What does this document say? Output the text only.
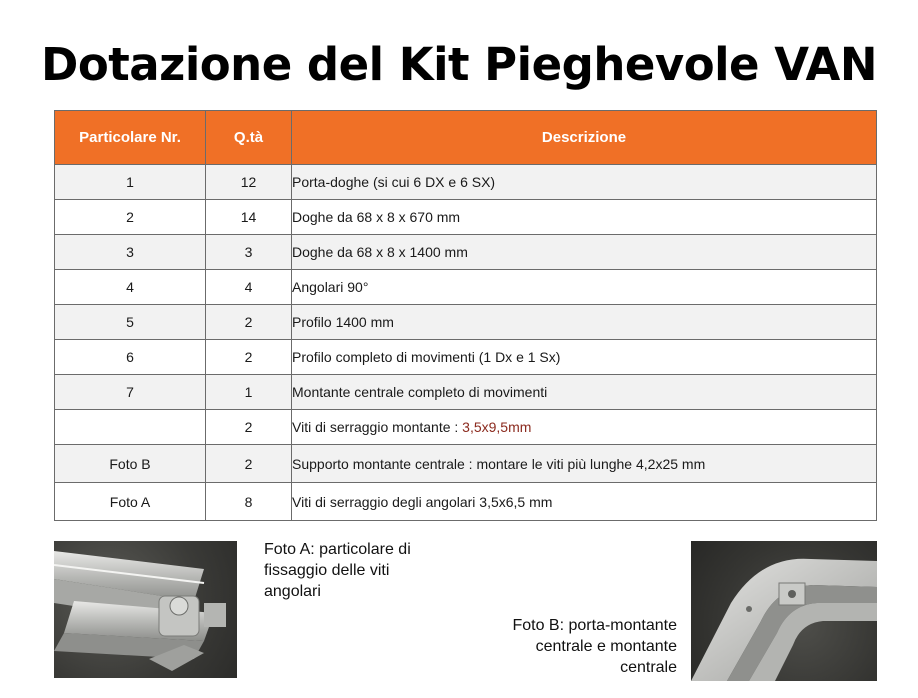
Dotazione del Kit Pieghevole VAN
Particolare Nr.	Q.tà	Descrizione
1	12	Porta-doghe (si cui 6 DX e 6 SX)
2	14	Doghe da 68 x 8 x 670 mm
3	3	Doghe da 68 x 8 x 1400 mm
4	4	Angolari 90°
5	2	Profilo 1400 mm
6	2	Profilo completo di movimenti (1 Dx e 1 Sx)
7	1	Montante centrale completo di movimenti
	2	Viti di serraggio montante : 3,5x9,5mm
Foto B	2	Supporto montante centrale : montare le viti più lunghe 4,2x25 mm
Foto A	8	Viti di serraggio degli angolari 3,5x6,5 mm
Foto A: particolare di fissaggio delle viti angolari
Foto B: porta-montante centrale e montante centrale
